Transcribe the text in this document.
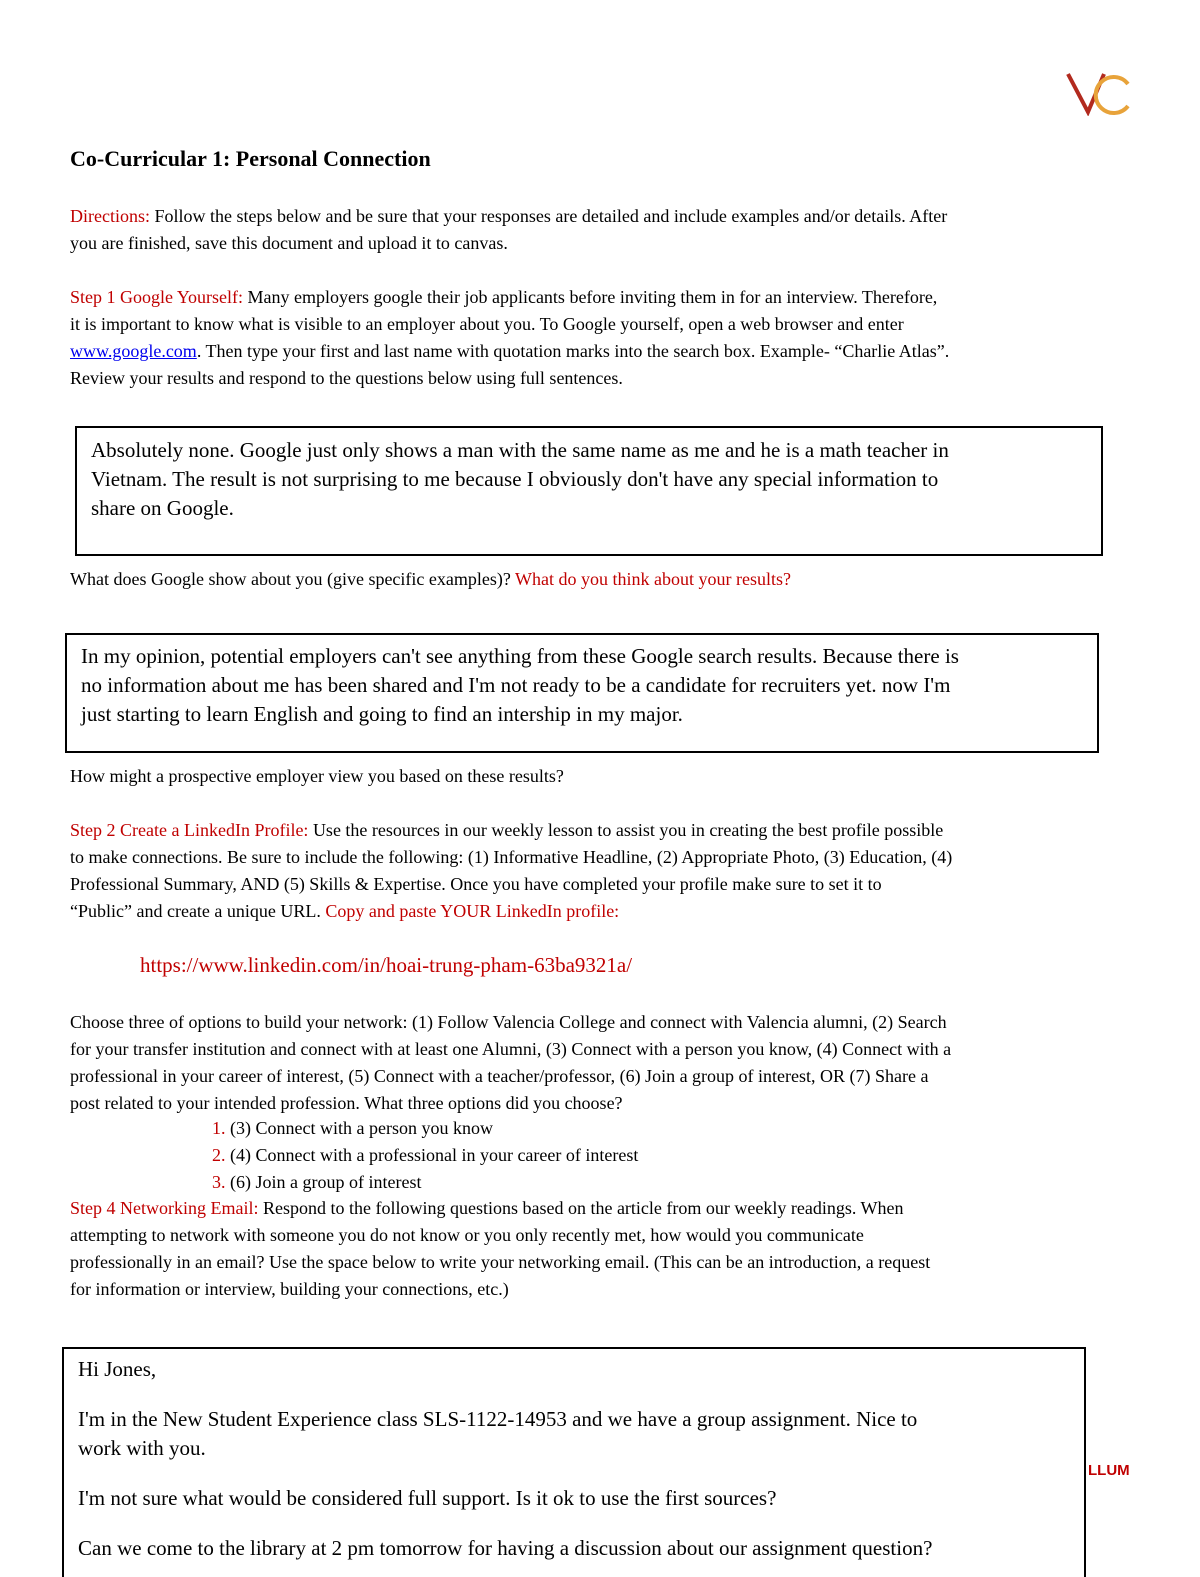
Co-Curricular 1: Personal Connection
Directions: Follow the steps below and be sure that your responses are detailed and include examples and/or details. After
you are finished, save this document and upload it to canvas.
Step 1 Google Yourself: Many employers google their job applicants before inviting them in for an interview. Therefore,
it is important to know what is visible to an employer about you. To Google yourself, open a web browser and enter
www.google.com. Then type your first and last name with quotation marks into the search box. Example- “Charlie Atlas”.
Review your results and respond to the questions below using full sentences.
Absolutely none. Google just only shows a man with the same name as me and he is a math teacher in
Vietnam. The result is not surprising to me because I obviously don't have any special information to
share on Google.
What does Google show about you (give specific examples)? What do you think about your results?
In my opinion, potential employers can't see anything from these Google search results. Because there is
no information about me has been shared and I'm not ready to be a candidate for recruiters yet. now I'm
just starting to learn English and going to find an intership in my major.
How might a prospective employer view you based on these results?
Step 2 Create a LinkedIn Profile: Use the resources in our weekly lesson to assist you in creating the best profile possible
to make connections. Be sure to include the following: (1) Informative Headline, (2) Appropriate Photo, (3) Education, (4)
Professional Summary, AND (5) Skills & Expertise. Once you have completed your profile make sure to set it to
“Public” and create a unique URL. Copy and paste YOUR LinkedIn profile:
https://www.linkedin.com/in/hoai-trung-pham-63ba9321a/
Choose three of options to build your network: (1) Follow Valencia College and connect with Valencia alumni, (2) Search
for your transfer institution and connect with at least one Alumni, (3) Connect with a person you know, (4) Connect with a
professional in your career of interest, (5) Connect with a teacher/professor, (6) Join a group of interest, OR (7) Share a
post related to your intended profession. What three options did you choose?
1. (3) Connect with a person you know
2. (4) Connect with a professional in your career of interest
3. (6) Join a group of interest
Step 4 Networking Email: Respond to the following questions based on the article from our weekly readings. When
attempting to network with someone you do not know or you only recently met, how would you communicate
professionally in an email? Use the space below to write your networking email. (This can be an introduction, a request
for information or interview, building your connections, etc.)
Hi Jones,
I'm in the New Student Experience class SLS-1122-14953 and we have a group assignment. Nice to
work with you.
I'm not sure what would be considered full support. Is it ok to use the first sources?
Can we come to the library at 2 pm tomorrow for having a discussion about our assignment question?
LLUM
